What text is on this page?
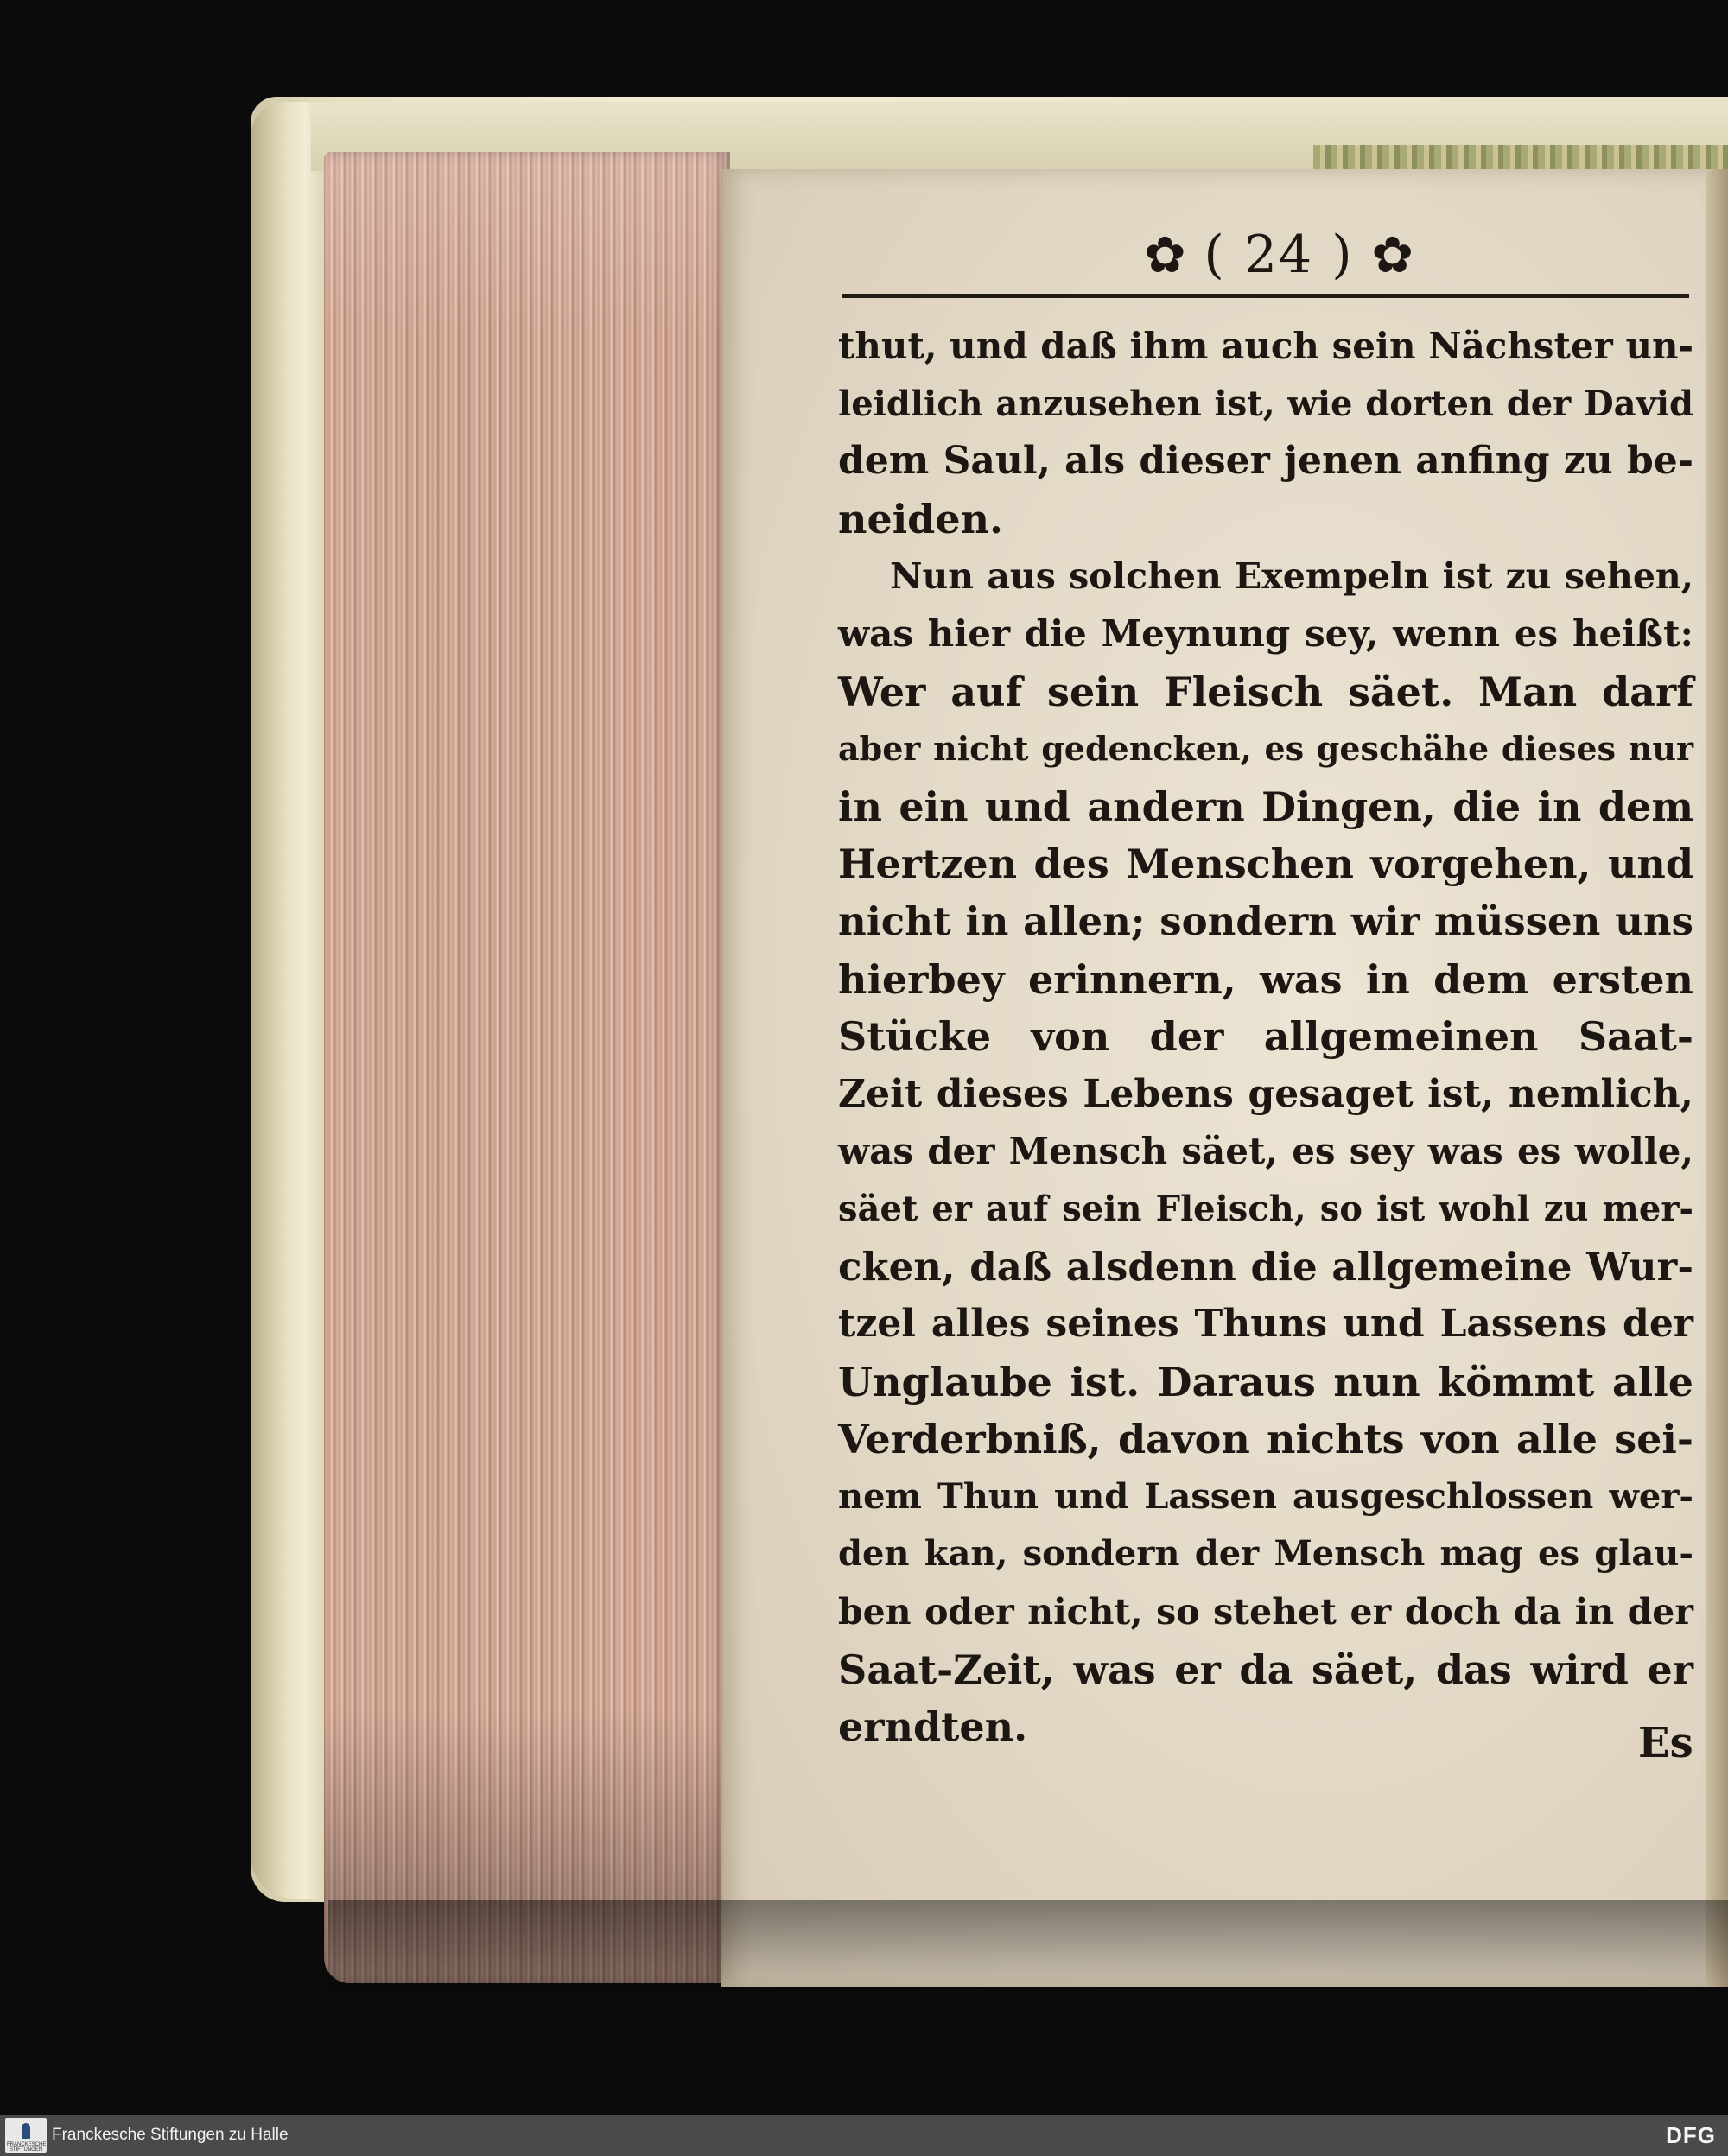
✿ ( 24 ) ✿
thut, und daß ihm auch sein Nächster un-
leidlich anzusehen ist, wie dorten der David
dem Saul, als dieser jenen anfing zu be-
neiden.
Nun aus solchen Exempeln ist zu sehen,
was hier die Meynung sey, wenn es heißt:
Wer auf sein Fleisch säet. Man darf
aber nicht gedencken, es geschähe dieses nur
in ein und andern Dingen, die in dem
Hertzen des Menschen vorgehen, und
nicht in allen; sondern wir müssen uns
hierbey erinnern, was in dem ersten
Stücke von der allgemeinen Saat-
Zeit dieses Lebens gesaget ist, nemlich,
was der Mensch säet, es sey was es wolle,
säet er auf sein Fleisch, so ist wohl zu mer-
cken, daß alsdenn die allgemeine Wur-
tzel alles seines Thuns und Lassens der
Unglaube ist. Daraus nun kömmt alle
Verderbniß, davon nichts von alle sei-
nem Thun und Lassen ausgeschlossen wer-
den kan, sondern der Mensch mag es glau-
ben oder nicht, so stehet er doch da in der
Saat-Zeit, was er da säet, das wird er
erndten.	Es
FRANCKESCHE STIFTUNGEN
Franckesche Stiftungen zu Halle	DFG
